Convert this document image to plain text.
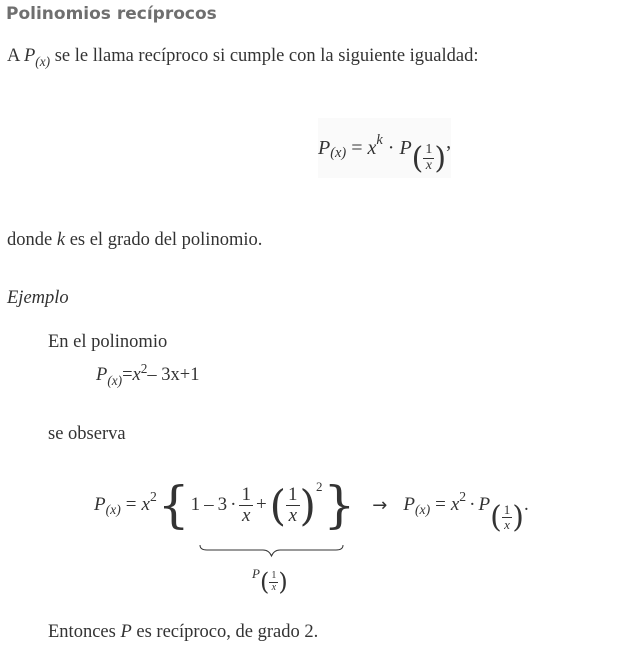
Polinomios recíprocos
A $P_{(x)}$ se le llama recíproco si cumple con la siguiente igualdad:
P (x) = x k · P ( $\frac{1}{x}$ ) ,
donde k es el grado del polinomio.
Ejemplo
En el polinomio
$P_{(x)}=x^2-$ 3x+1
se observa
P (x) = x 2 { $1 - 3 \cdot \frac{1}{x}$ + ( $\frac{1}{x}$ ) 2 } → P (x) = x 2 · P ( $\frac{1}{x}$ ) .
P ( $\frac{1}{x}$ )
Entonces P es recíproco, de grado 2.
